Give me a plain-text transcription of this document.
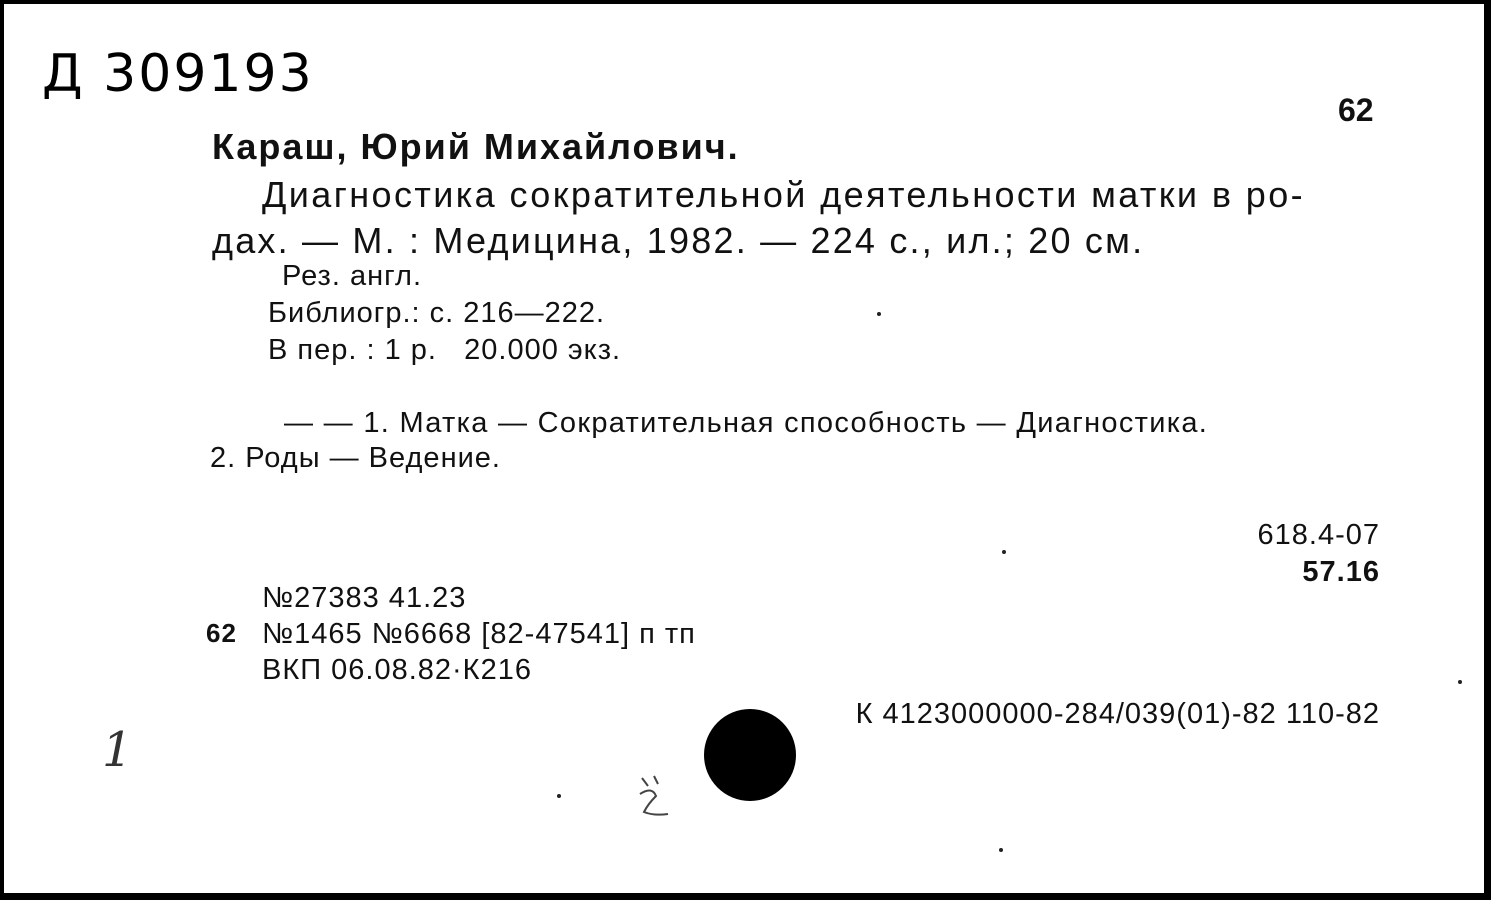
Д 309193
62
Караш, Юрий Михайлович.
Диагностика сократительной деятельности матки в ро-
дах. — М. : Медицина, 1982. — 224 с., ил.; 20 см.
Рез. англ.
Библиогр.: с. 216—222.
В пер. : 1 р.   20.000 экз.
— — 1. Матка — Сократительная способность — Диагностика.
2. Роды — Ведение.
618.4-07
57.16
№27383 41.23
62 №1465 №6668 [82-47541] п тп
ВКП 06.08.82·К216
К 4123000000-284/039(01)-82 110-82
1
